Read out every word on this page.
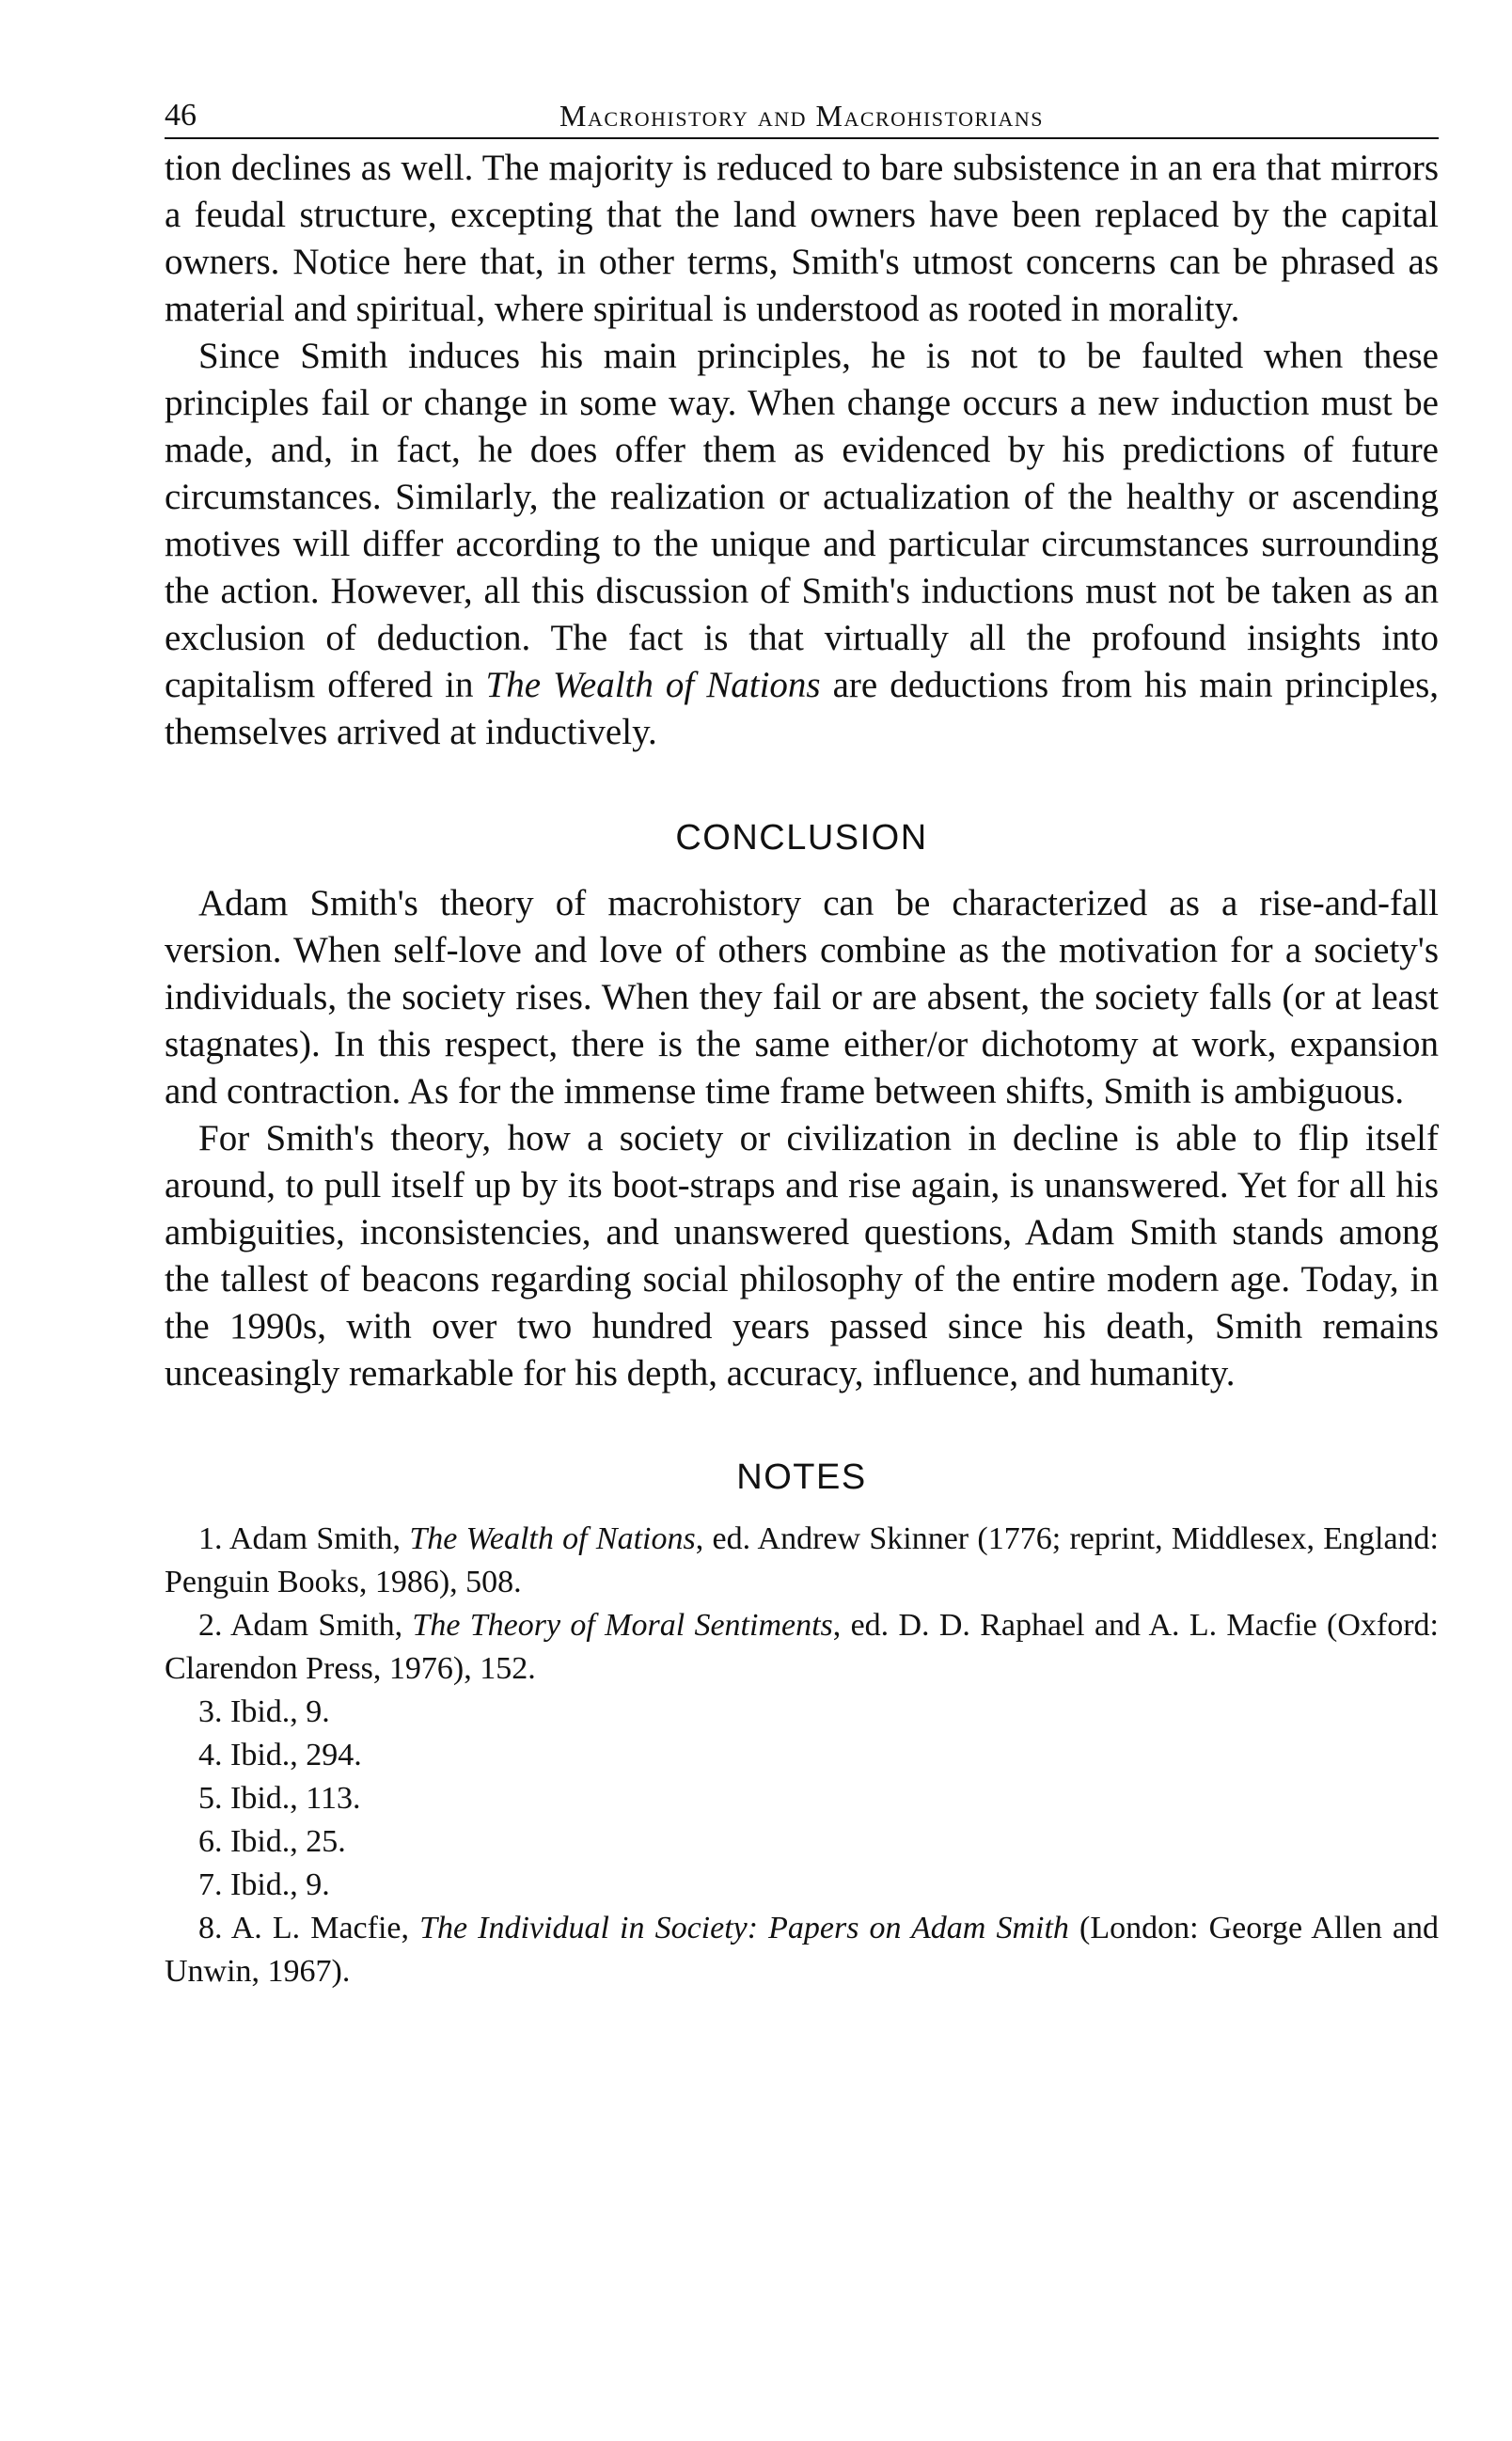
46	Macrohistory and Macrohistorians

tion declines as well. The majority is reduced to bare subsistence in an era that mirrors a feudal structure, excepting that the land owners have been replaced by the capital owners. Notice here that, in other terms, Smith's utmost concerns can be phrased as material and spiritual, where spiritual is understood as rooted in morality.

Since Smith induces his main principles, he is not to be faulted when these principles fail or change in some way. When change occurs a new induction must be made, and, in fact, he does offer them as evidenced by his predictions of future circumstances. Similarly, the realization or actualization of the healthy or ascending motives will differ according to the unique and particular circumstances surrounding the action. However, all this discussion of Smith's inductions must not be taken as an exclusion of deduction. The fact is that virtually all the profound insights into capitalism offered in The Wealth of Nations are deductions from his main principles, themselves arrived at inductively.

CONCLUSION

Adam Smith's theory of macrohistory can be characterized as a rise-and-fall version. When self-love and love of others combine as the motivation for a society's individuals, the society rises. When they fail or are absent, the society falls (or at least stagnates). In this respect, there is the same either/or dichotomy at work, expansion and contraction. As for the immense time frame between shifts, Smith is ambiguous.

For Smith's theory, how a society or civilization in decline is able to flip itself around, to pull itself up by its boot-straps and rise again, is unanswered. Yet for all his ambiguities, inconsistencies, and unanswered questions, Adam Smith stands among the tallest of beacons regarding social philosophy of the entire modern age. Today, in the 1990s, with over two hundred years passed since his death, Smith remains unceasingly remarkable for his depth, accuracy, influence, and humanity.

NOTES

1. Adam Smith, The Wealth of Nations, ed. Andrew Skinner (1776; reprint, Middlesex, England: Penguin Books, 1986), 508.

2. Adam Smith, The Theory of Moral Sentiments, ed. D. D. Raphael and A. L. Macfie (Oxford: Clarendon Press, 1976), 152.

3. Ibid., 9.

4. Ibid., 294.

5. Ibid., 113.

6. Ibid., 25.

7. Ibid., 9.

8. A. L. Macfie, The Individual in Society: Papers on Adam Smith (London: George Allen and Unwin, 1967).
